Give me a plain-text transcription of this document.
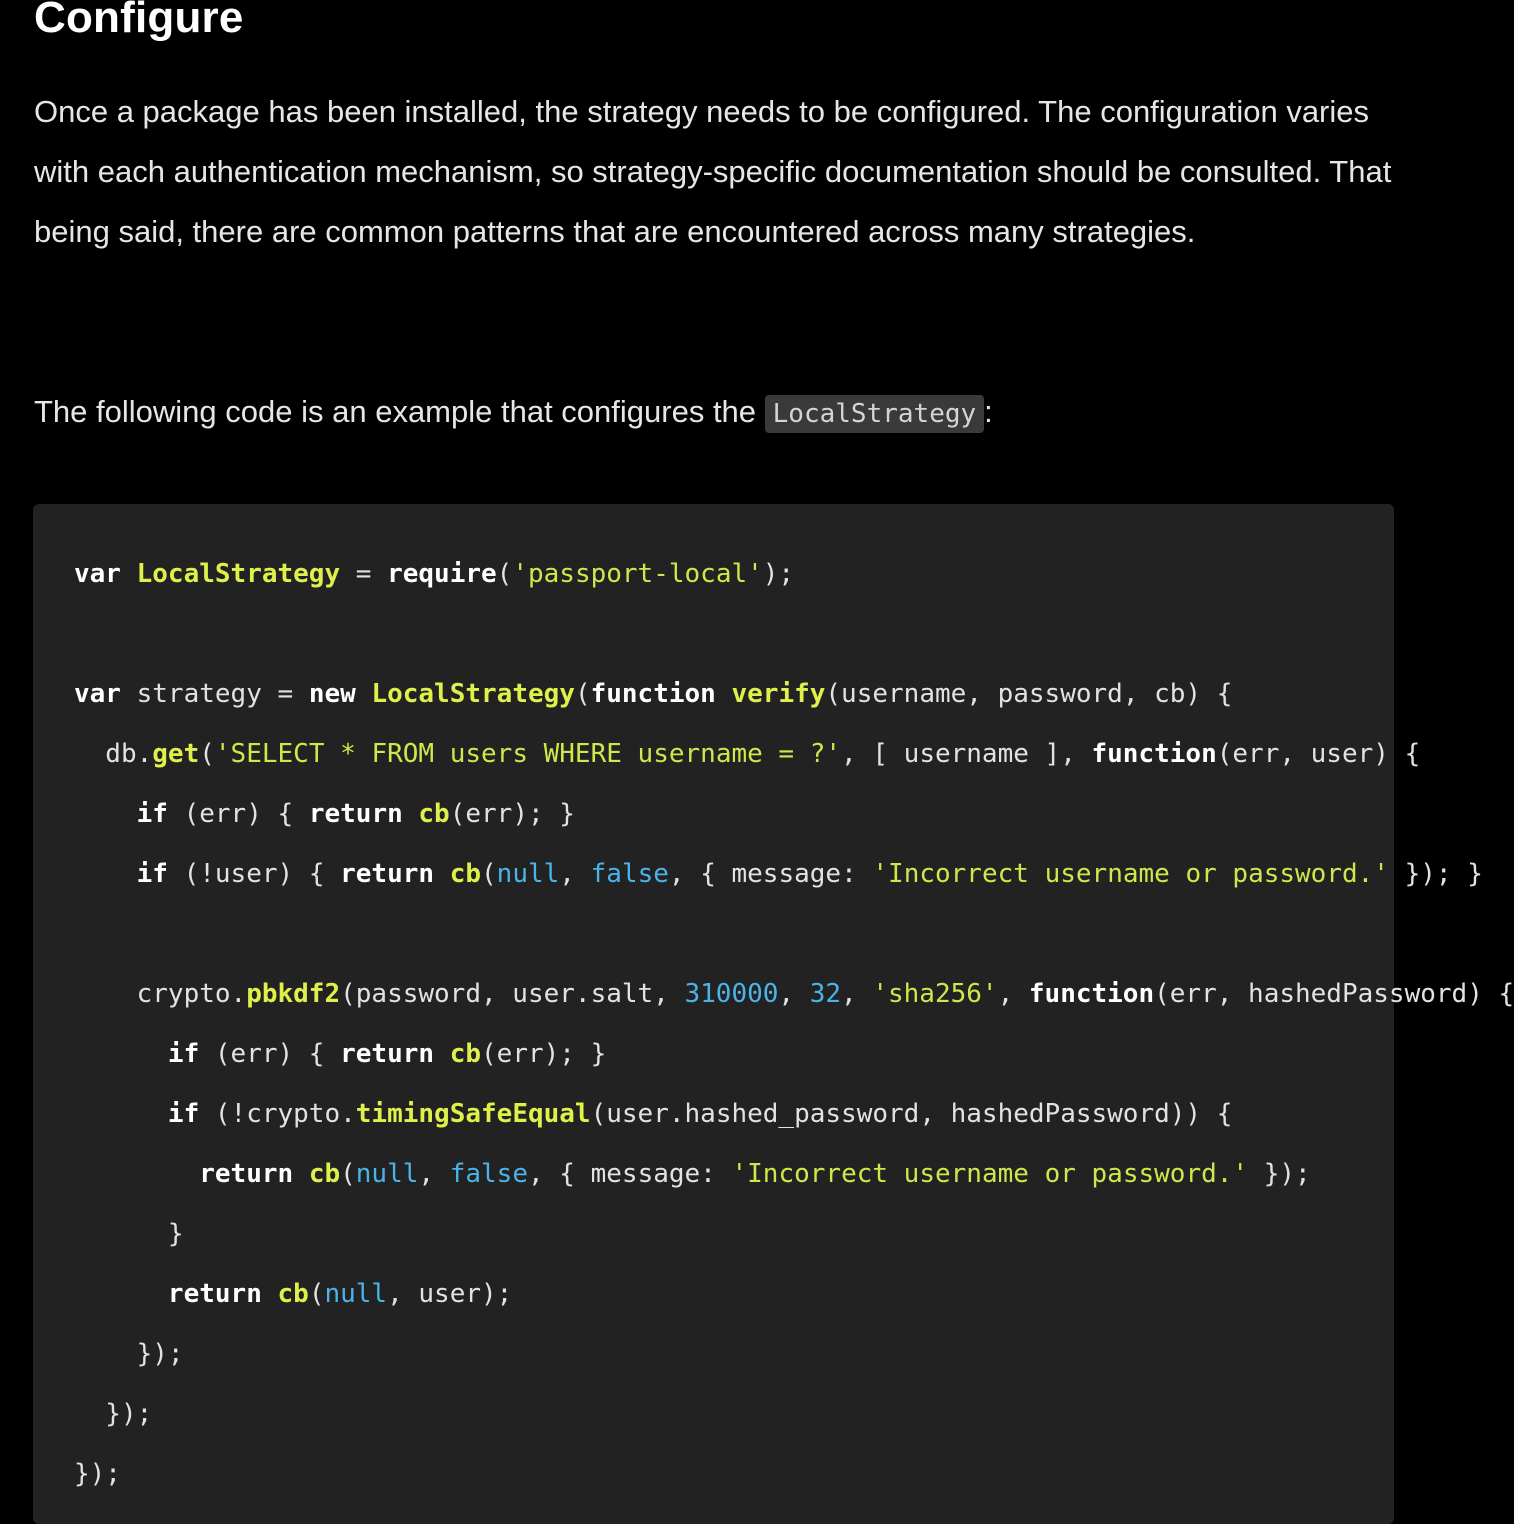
Configure

Once a package has been installed, the strategy needs to be configured. The configuration varies with each authentication mechanism, so strategy-specific documentation should be consulted. That being said, there are common patterns that are encountered across many strategies.

The following code is an example that configures the LocalStrategy :

var LocalStrategy = require('passport-local');

var strategy = new LocalStrategy(function verify(username, password, cb) {
db.get('SELECT * FROM users WHERE username = ?', [ username ], function(err, user) {
if (err) { return cb(err); }
if (!user) { return cb(null, false, { message: 'Incorrect username or password.' }); }

crypto.pbkdf2(password, user.salt, 310000, 32, 'sha256', function(err, hashedPassword) {
if (err) { return cb(err); }
if (!crypto.timingSafeEqual(user.hashed_password, hashedPassword)) {
return cb(null, false, { message: 'Incorrect username or password.' });
}
return cb(null, user);
});
});
});
